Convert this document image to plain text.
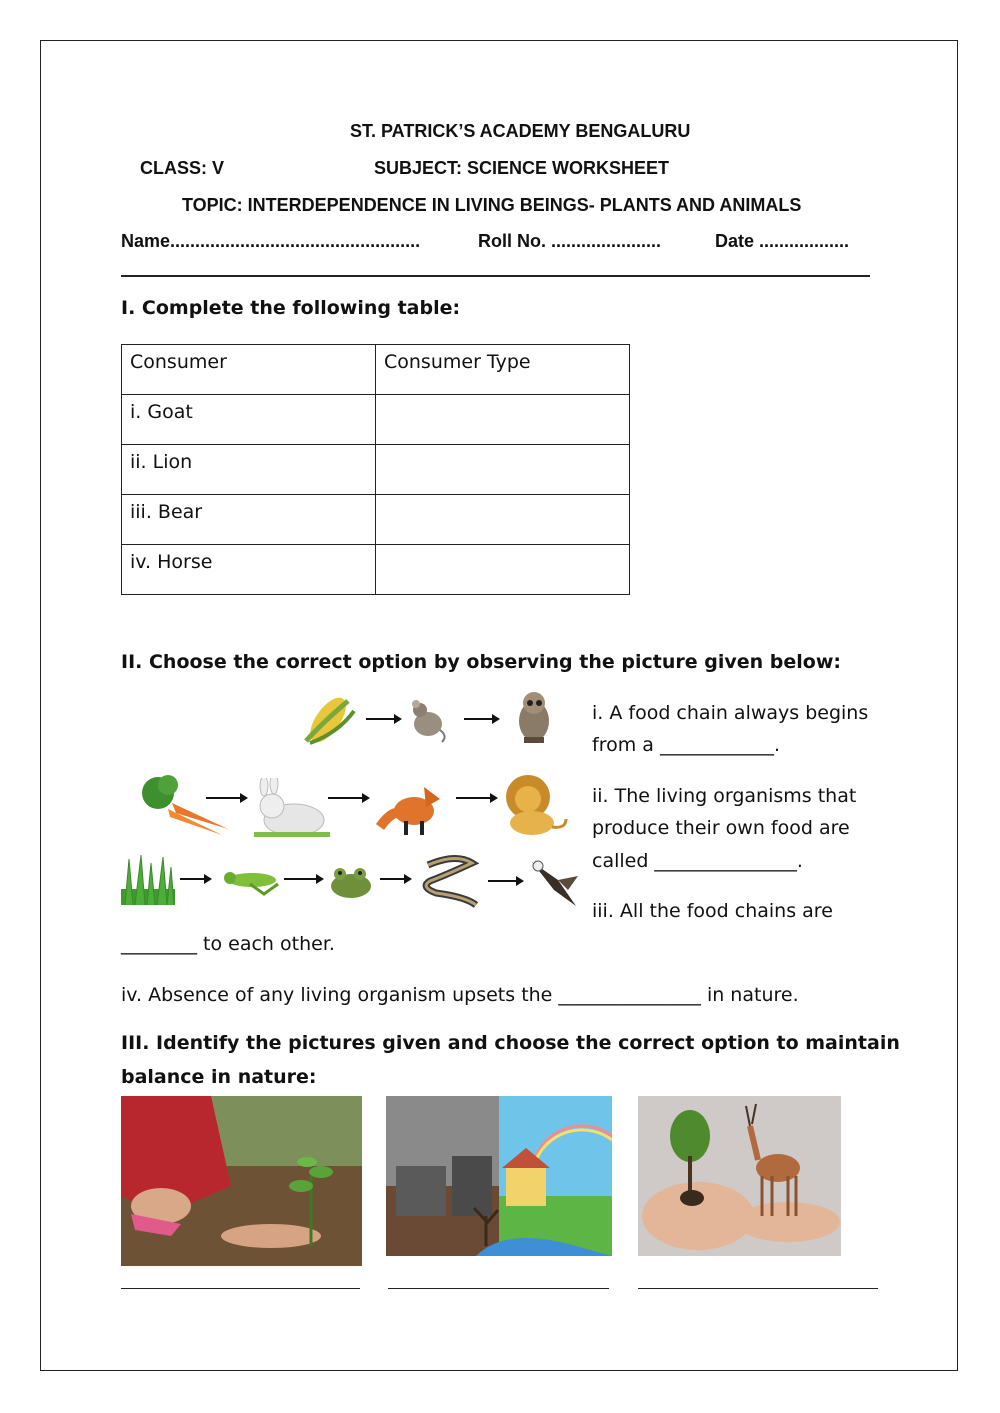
ST. PATRICK’S ACADEMY BENGALURU
CLASS: V	SUBJECT: SCIENCE WORKSHEET
TOPIC: INTERDEPENDENCE IN LIVING BEINGS- PLANTS AND ANIMALS
Name..................................................	Roll No. ......................	Date ..................
I. Complete the following table:
Consumer	Consumer Type
i. Goat	
ii. Lion	
iii. Bear	
iv. Horse	
II. Choose the correct option by observing the picture given below:
i. A food chain always begins
from a ____________.
ii. The living organisms that
produce their own food are
called _______________.
iii. All the food chains are
________ to each other.
iv. Absence of any living organism upsets the _______________ in nature.
III. Identify the pictures given and choose the correct option to maintain
balance in nature:
